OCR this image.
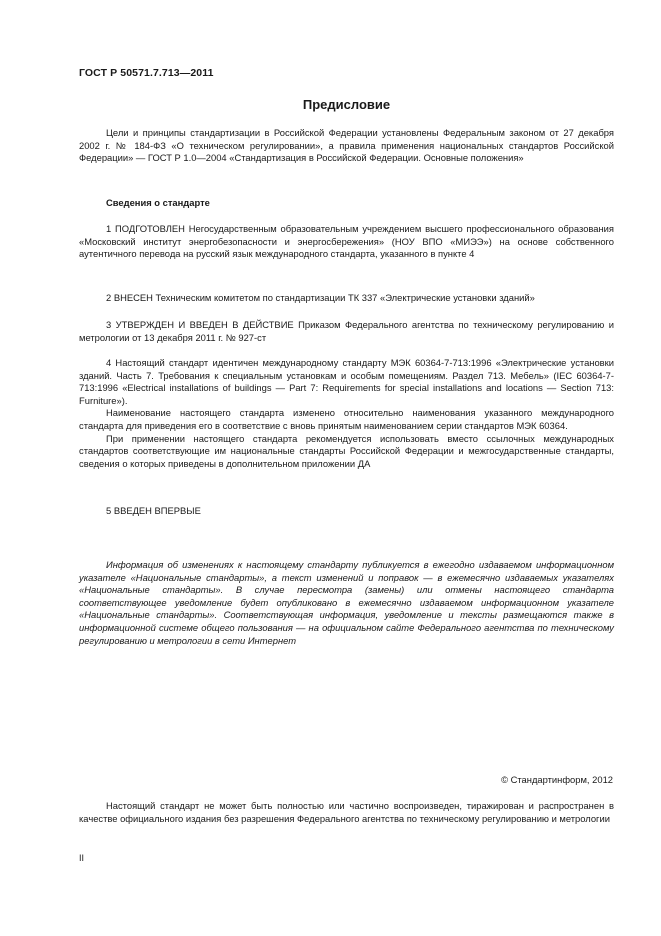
ГОСТ Р 50571.7.713—2011
Предисловие

Цели и принципы стандартизации в Российской Федерации установлены Федеральным законом от 27 декабря 2002 г. № 184-ФЗ «О техническом регулировании», а правила применения национальных стандартов Российской Федерации» — ГОСТ Р 1.0—2004 «Стандартизация в Российской Федерации. Основные положения»

Сведения о стандарте

1 ПОДГОТОВЛЕН Негосударственным образовательным учреждением высшего профессионального образования «Московский институт энергобезопасности и энергосбережения» (НОУ ВПО «МИЭЭ») на основе собственного аутентичного перевода на русский язык международного стандарта, указанного в пункте 4

2 ВНЕСЕН Техническим комитетом по стандартизации ТК 337 «Электрические установки зданий»

3 УТВЕРЖДЕН И ВВЕДЕН В ДЕЙСТВИЕ Приказом Федерального агентства по техническому регулированию и метрологии от 13 декабря 2011 г. № 927-ст

4 Настоящий стандарт идентичен международному стандарту МЭК 60364-7-713:1996 «Электрические установки зданий. Часть 7. Требования к специальным установкам и особым помещениям. Раздел 713. Мебель» (IEC 60364-7-713:1996 «Electrical installations of buildings — Part 7: Requirements for special installations and locations — Section 713: Furniture»).

Наименование настоящего стандарта изменено относительно наименования указанного международного стандарта для приведения его в соответствие с вновь принятым наименованием серии стандартов МЭК 60364.

При применении настоящего стандарта рекомендуется использовать вместо ссылочных международных стандартов соответствующие им национальные стандарты Российской Федерации и межгосударственные стандарты, сведения о которых приведены в дополнительном приложении ДА

5 ВВЕДЕН ВПЕРВЫЕ

Информация об изменениях к настоящему стандарту публикуется в ежегодно издаваемом информационном указателе «Национальные стандарты», а текст изменений и поправок — в ежемесячно издаваемых указателях «Национальные стандарты». В случае пересмотра (замены) или отмены настоящего стандарта соответствующее уведомление будет опубликовано в ежемесячно издаваемом информационном указателе «Национальные стандарты». Соответствующая информация, уведомление и тексты размещаются также в информационной системе общего пользования — на официальном сайте Федерального агентства по техническому регулированию и метрологии в сети Интернет

© Стандартинформ, 2012

Настоящий стандарт не может быть полностью или частично воспроизведен, тиражирован и распространен в качестве официального издания без разрешения Федерального агентства по техническому регулированию и метрологии

II
